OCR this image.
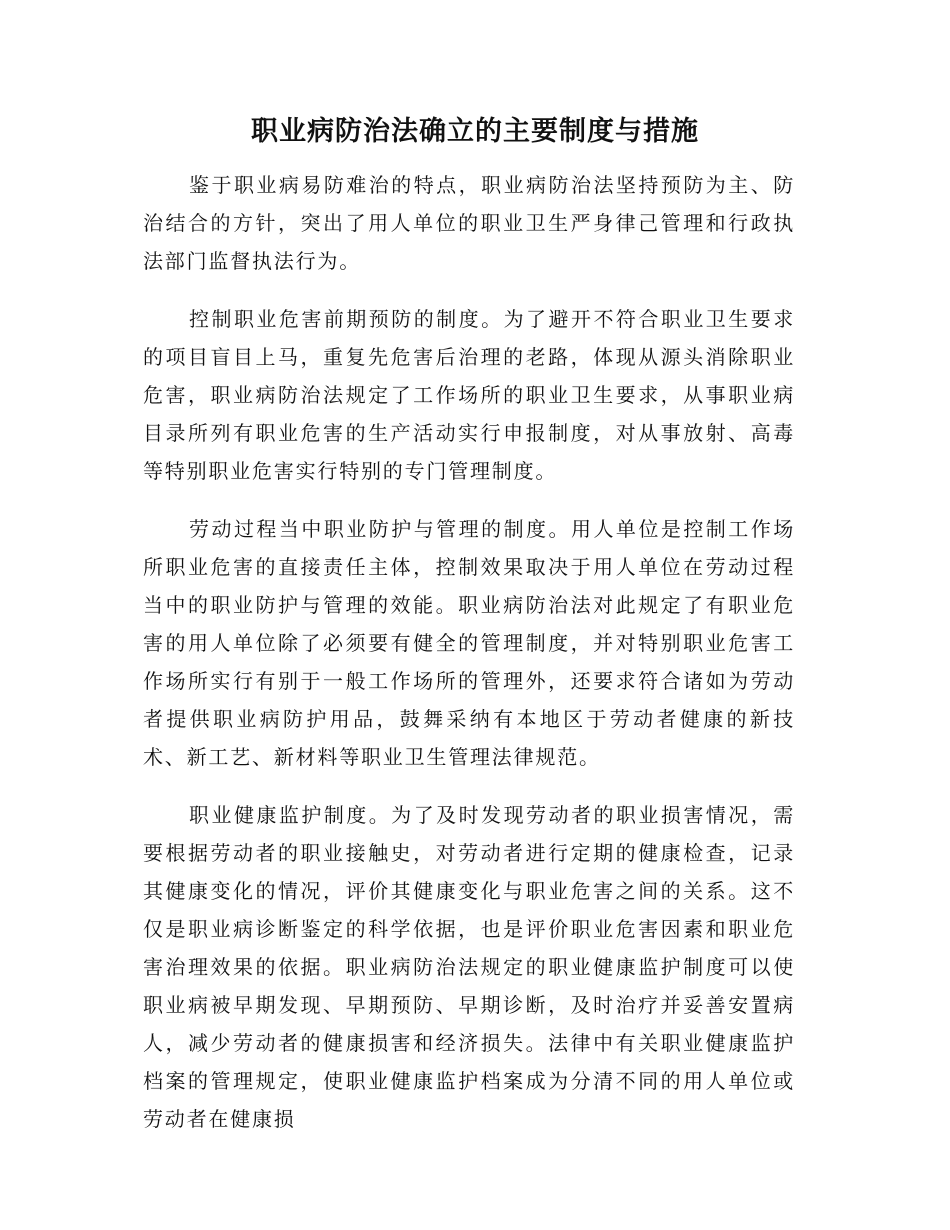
职业病防治法确立的主要制度与措施

鉴于职业病易防难治的特点，职业病防治法坚持预防为主、防治结合的方针，突出了用人单位的职业卫生严身律己管理和行政执法部门监督执法行为。

控制职业危害前期预防的制度。为了避开不符合职业卫生要求的项目盲目上马，重复先危害后治理的老路，体现从源头消除职业危害，职业病防治法规定了工作场所的职业卫生要求，从事职业病目录所列有职业危害的生产活动实行申报制度，对从事放射、高毒等特别职业危害实行特别的专门管理制度。

劳动过程当中职业防护与管理的制度。用人单位是控制工作场所职业危害的直接责任主体，控制效果取决于用人单位在劳动过程当中的职业防护与管理的效能。职业病防治法对此规定了有职业危害的用人单位除了必须要有健全的管理制度，并对特别职业危害工作场所实行有别于一般工作场所的管理外，还要求符合诸如为劳动者提供职业病防护用品，鼓舞采纳有本地区于劳动者健康的新技术、新工艺、新材料等职业卫生管理法律规范。

职业健康监护制度。为了及时发现劳动者的职业损害情况，需要根据劳动者的职业接触史，对劳动者进行定期的健康检查，记录其健康变化的情况，评价其健康变化与职业危害之间的关系。这不仅是职业病诊断鉴定的科学依据，也是评价职业危害因素和职业危害治理效果的依据。职业病防治法规定的职业健康监护制度可以使职业病被早期发现、早期预防、早期诊断，及时治疗并妥善安置病人，减少劳动者的健康损害和经济损失。法律中有关职业健康监护档案的管理规定，使职业健康监护档案成为分清不同的用人单位或劳动者在健康损
